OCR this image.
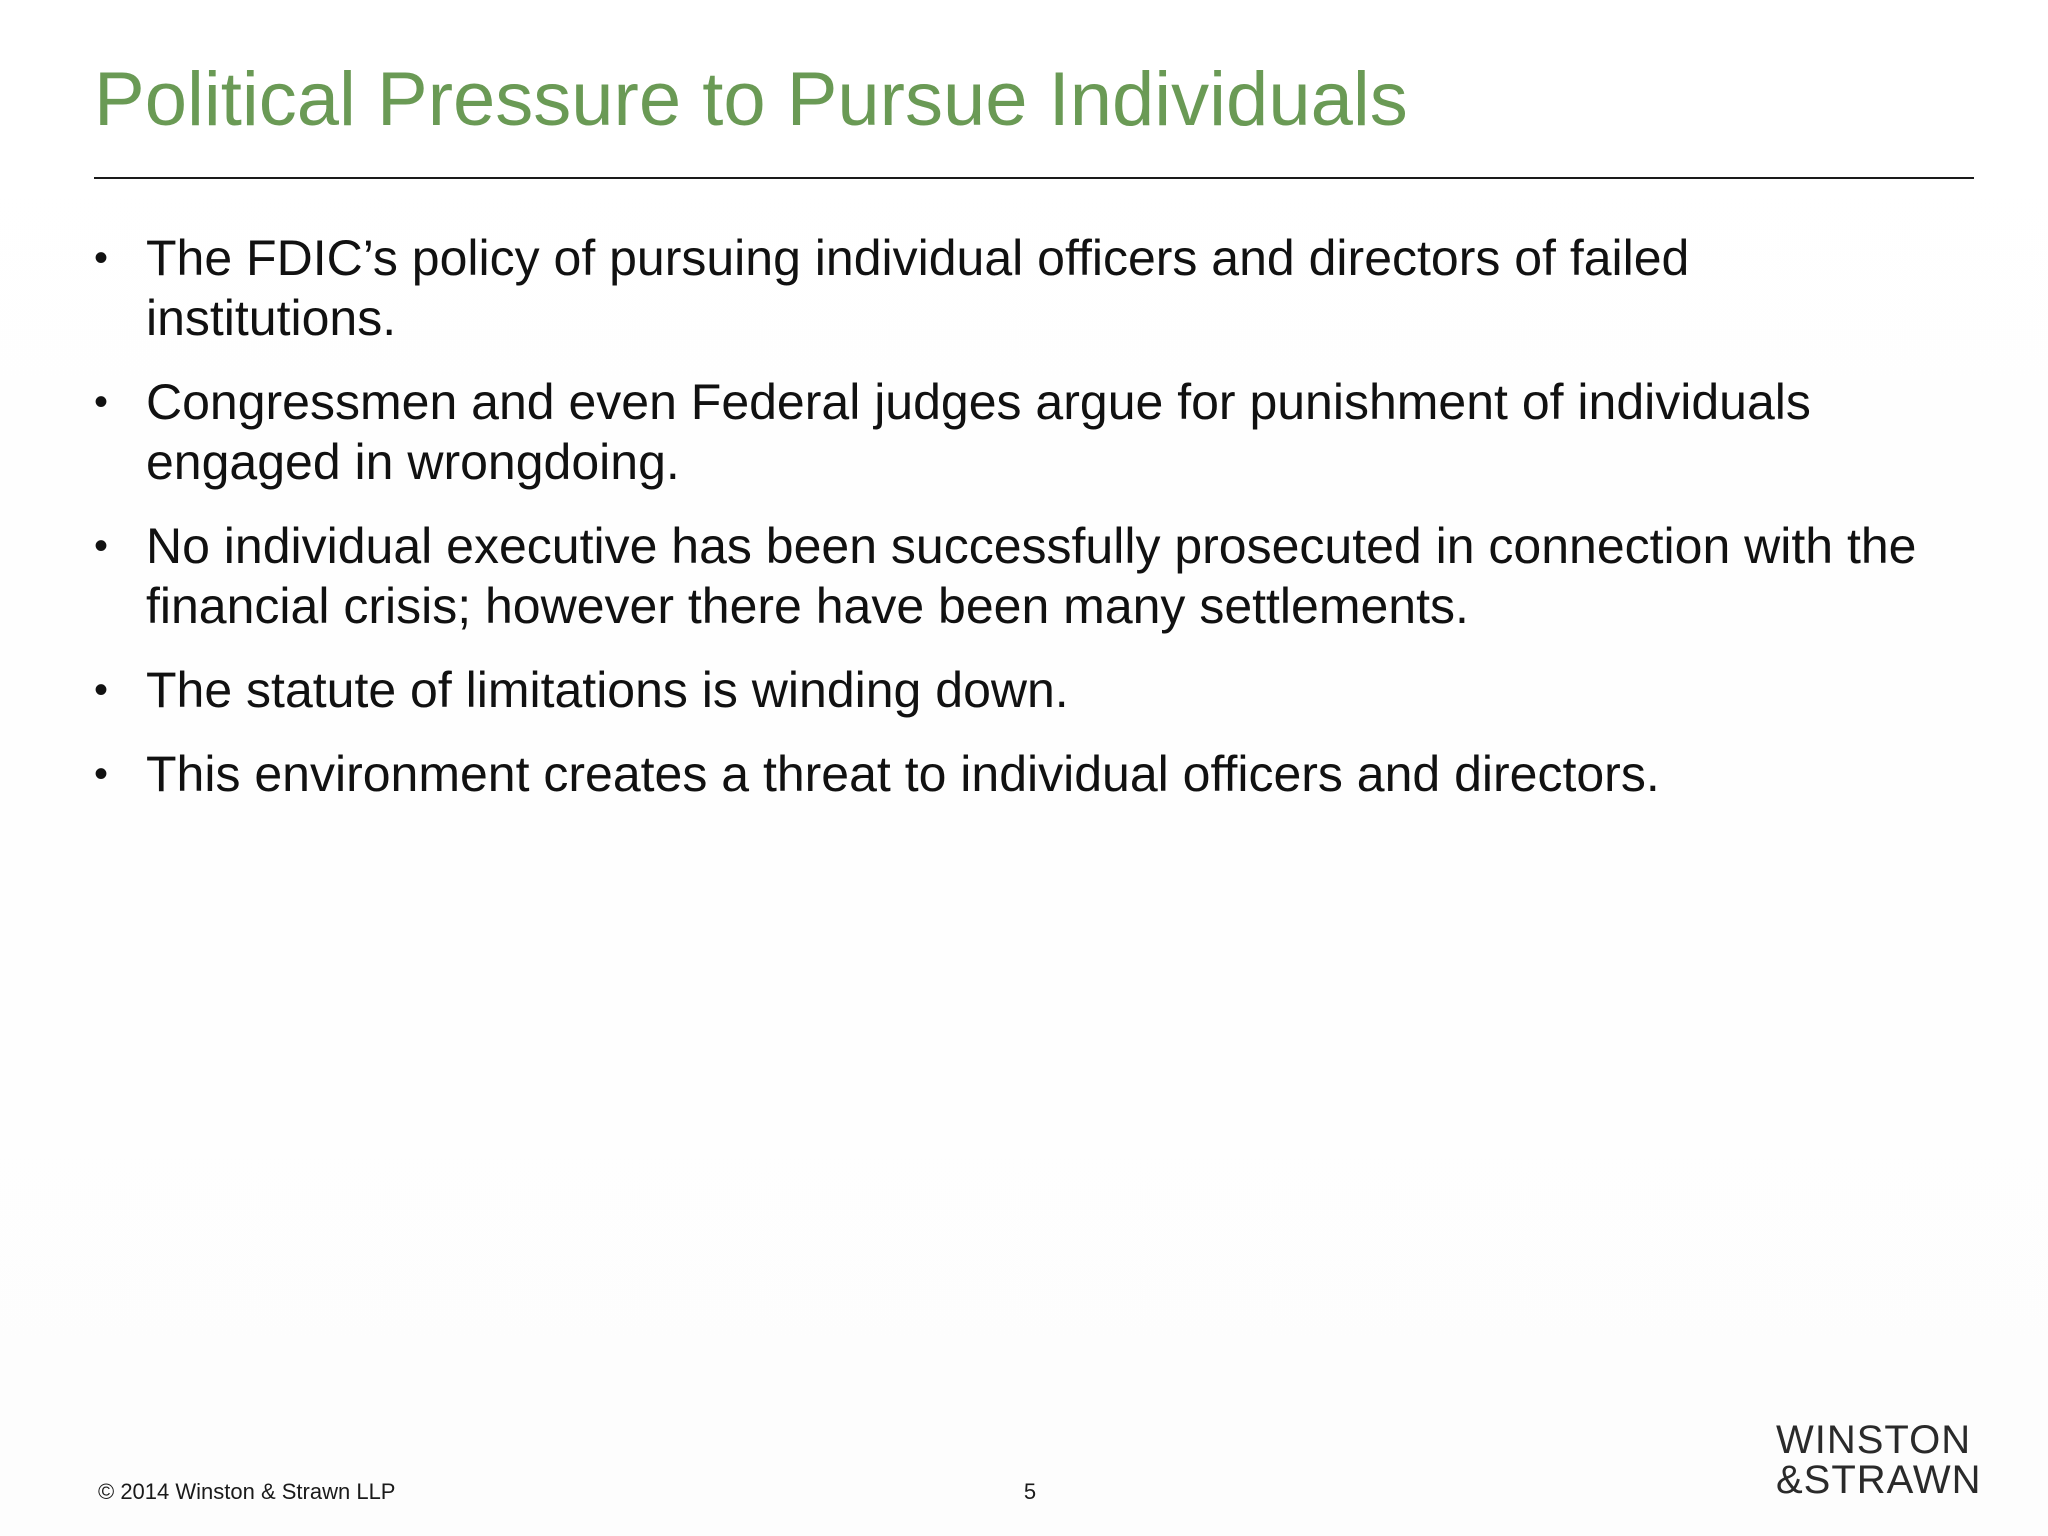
Political Pressure to Pursue Individuals
• The FDIC’s policy of pursuing individual officers and directors of failed institutions.
• Congressmen and even Federal judges argue for punishment of individuals engaged in wrongdoing.
• No individual executive has been successfully prosecuted in connection with the financial crisis; however there have been many settlements.
• The statute of limitations is winding down.
• This environment creates a threat to individual officers and directors.
© 2014 Winston & Strawn LLP	5
WINSTON
&STRAWN
